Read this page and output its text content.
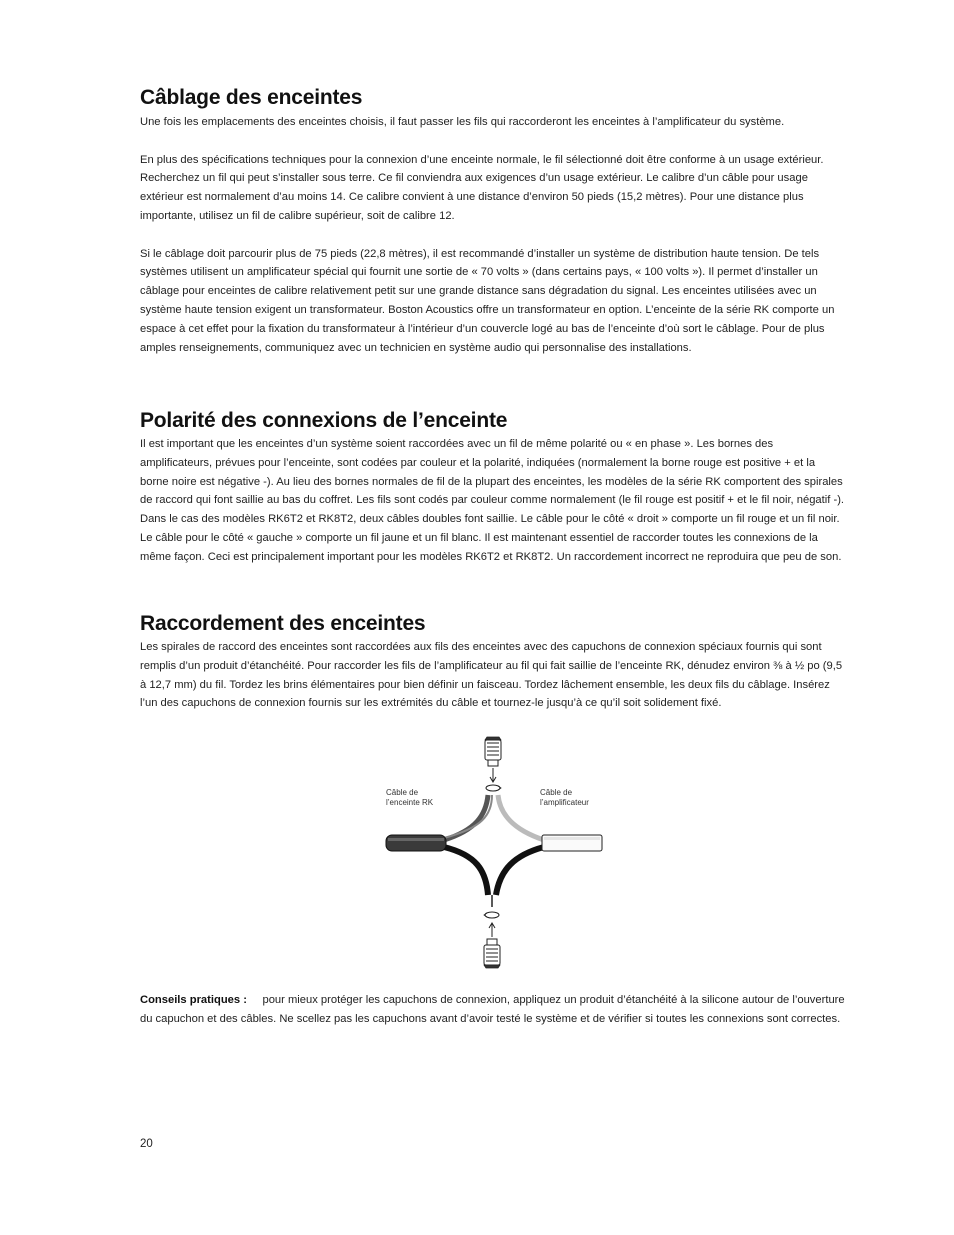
Câblage des enceintes

Une fois les emplacements des enceintes choisis, il faut passer les fils qui raccorderont les enceintes à l’amplificateur du système.

En plus des spécifications techniques pour la connexion d’une enceinte normale, le fil sélectionné doit être conforme à un usage extérieur. Recherchez un fil qui peut s’installer sous terre. Ce fil conviendra aux exigences d’un usage extérieur. Le calibre d’un câble pour usage extérieur est normalement d’au moins 14. Ce calibre convient à une distance d’environ 50 pieds (15,2 mètres). Pour une distance plus importante, utilisez un fil de calibre supérieur, soit de calibre 12.

Si le câblage doit parcourir plus de 75 pieds (22,8 mètres), il est recommandé d’installer un système de distribution haute tension. De tels systèmes utilisent un amplificateur spécial qui fournit une sortie de « 70 volts » (dans certains pays, « 100 volts »). Il permet d’installer un câblage pour enceintes de calibre relativement petit sur une grande distance sans dégradation du signal. Les enceintes utilisées avec un système haute tension exigent un transformateur. Boston Acoustics offre un transformateur en option. L’enceinte de la série RK comporte un espace à cet effet pour la fixation du transformateur à l’intérieur d’un couvercle logé au bas de l’enceinte d’où sort le câblage. Pour de plus amples renseignements, communiquez avec un technicien en système audio qui personnalise des installations.

Polarité des connexions de l’enceinte

Il est important que les enceintes d’un système soient raccordées avec un fil de même polarité ou « en phase ». Les bornes des amplificateurs, prévues pour l’enceinte, sont codées par couleur et la polarité, indiquées (normalement la borne rouge est positive + et la borne noire est négative -). Au lieu des bornes normales de fil de la plupart des enceintes, les modèles de la série RK comportent des spirales de raccord qui font saillie au bas du coffret. Les fils sont codés par couleur comme normalement (le fil rouge est positif + et le fil noir, négatif -). Dans le cas des modèles RK6T2 et RK8T2, deux câbles doubles font saillie. Le câble pour le côté « droit » comporte un fil rouge et un fil noir. Le câble pour le côté « gauche » comporte un fil jaune et un fil blanc. Il est maintenant essentiel de raccorder toutes les connexions de la même façon. Ceci est principalement important pour les modèles RK6T2 et RK8T2. Un raccordement incorrect ne reproduira que peu de son.

Raccordement des enceintes

Les spirales de raccord des enceintes sont raccordées aux fils des enceintes avec des capuchons de connexion spéciaux fournis qui sont remplis d’un produit d’étanchéité. Pour raccorder les fils de l’amplificateur au fil qui fait saillie de l’enceinte RK, dénudez environ ⅜ à ½ po (9,5 à 12,7 mm) du fil. Tordez les brins élémentaires pour bien définir un faisceau. Tordez lâchement ensemble, les deux fils du câblage. Insérez l’un des capuchons de connexion fournis sur les extrémités du câble et tournez-le jusqu’à ce qu’il soit solidement fixé.

Câble de
l’enceinte RK
Câble de
l’amplificateur

Conseils pratiques : pour mieux protéger les capuchons de connexion, appliquez un produit d’étanchéité à la silicone autour de l’ouverture du capuchon et des câbles. Ne scellez pas les capuchons avant d’avoir testé le système et de vérifier si toutes les connexions sont correctes.

20
